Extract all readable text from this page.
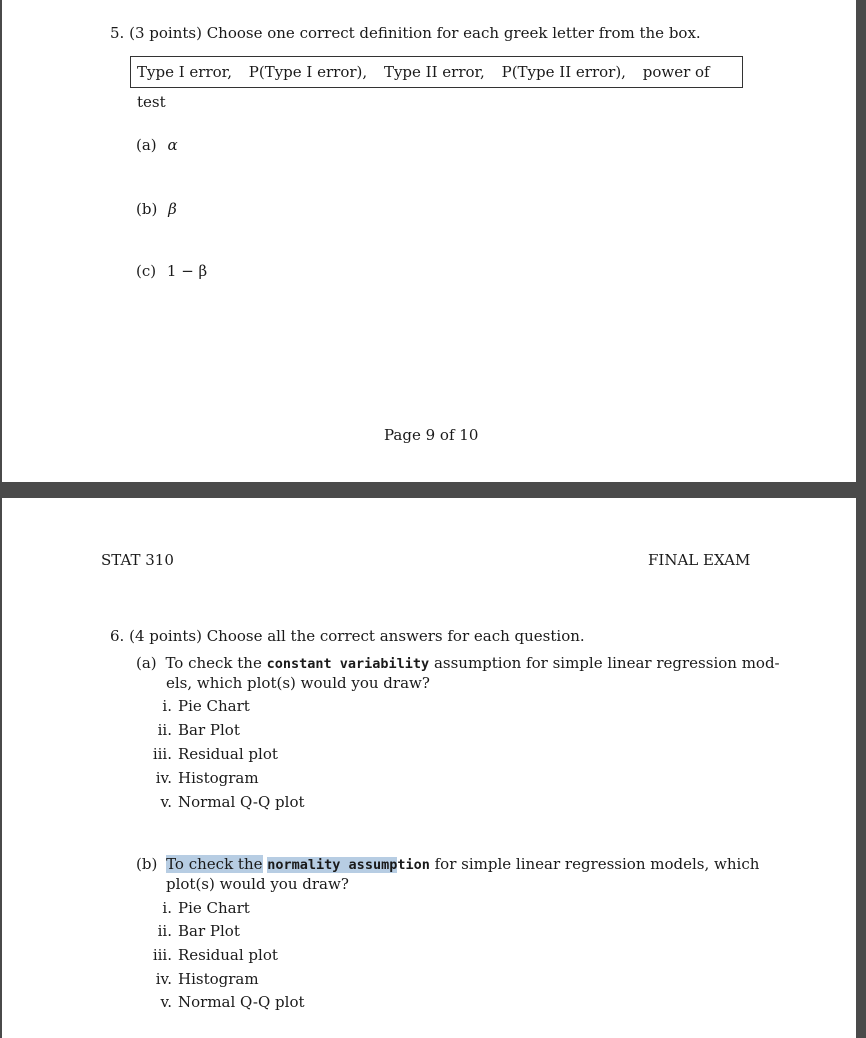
5. (3 points) Choose one correct definition for each greek letter from the box.
Type I error, P(Type I error), Type II error, P(Type II error), power of test
(a) α
(b) β
(c) 1 − β
Page 9 of 10
STAT 310	FINAL EXAM
6. (4 points) Choose all the correct answers for each question.
(a) To check the constant variability assumption for simple linear regression mod-
els, which plot(s) would you draw?
i. Pie Chart
ii. Bar Plot
iii. Residual plot
iv. Histogram
v. Normal Q-Q plot
(b) To check the normality assumption for simple linear regression models, which
plot(s) would you draw?
i. Pie Chart
ii. Bar Plot
iii. Residual plot
iv. Histogram
v. Normal Q-Q plot
